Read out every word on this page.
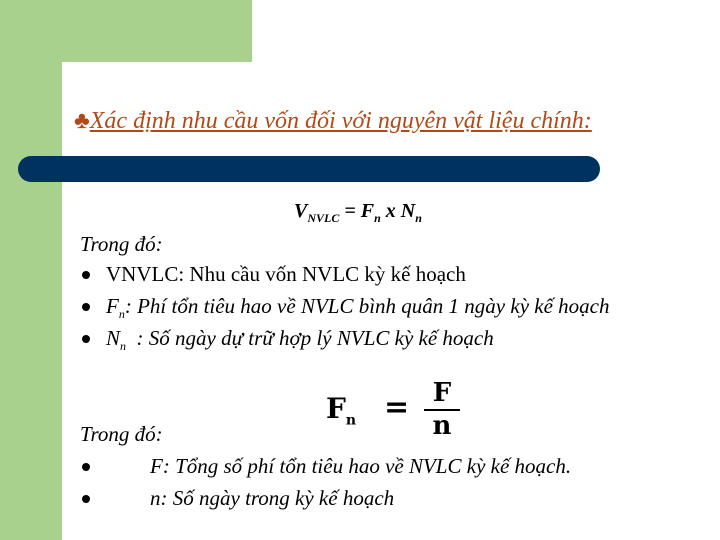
♣Xác định nhu cầu vốn đối với nguyên vật liệu chính:
$V_{NVLC} = F_n$ x $N_n$
Trong đó:
VNVLC: Nhu cầu vốn NVLC kỳ kế hoạch
$F_n$: Phí tổn tiêu hao về NVLC bình quân 1 ngày kỳ kế hoạch
$N_n$  : Số ngày dự trữ hợp lý NVLC kỳ kế hoạch
$F_n = F$
n
Trong đó:
F: Tổng số phí tổn tiêu hao về NVLC kỳ kế hoạch.
n: Số ngày trong kỳ kế hoạch
